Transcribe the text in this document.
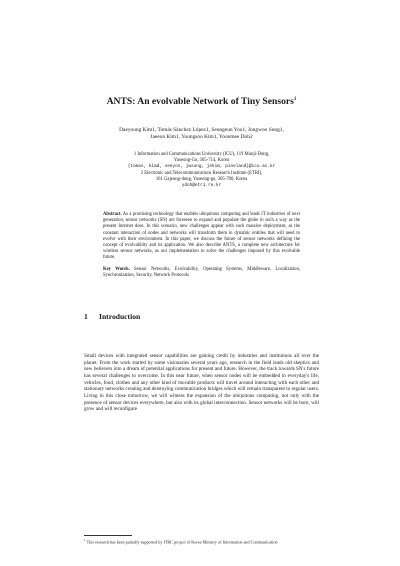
ANTS: An evolvable Network of Tiny Sensors$^1$
Daeyoung Kim1, Tomás Sánchez López1, Seongeun Yoo1, Jongwoo Sung1,
Jaeeon Kim1, Youngsoo Kim1, Yoonmee Doh2
1 Information and Communications University (ICU), 119 Munji-Dong,
Yuseong-Gu, 305-714, Korea
{tomas, kimd, seeyoo, jwsung, jekim, pineland}@icu.ac.kr
2 Electronic and Telecommunications Research Institute (ETRI),
161 Gajeong-dong, Yuseong-gu, 305-700, Korea
ydoh@etri.re.kr
Abstract. As a promising technology that enables ubiquitous computing and leads IT industries of next generation, sensor networks (SN) are foreseen to expand and populate the globe in such a way as the present Internet does. In this scenario, new challenges appear with such massive deployment, as the constant interaction of nodes and networks will transform them in dynamic entities that will need to evolve with their environment. In this paper, we discuss the future of sensor networks defining the concept of evolvability and its application. We also describe ANTS, a complete new architecture for wireless sensor networks, as our implementation to solve the challenges imposed by this evolvable future.
Key Words. Sensor Networks, Evolvability, Operating Systems, Middleware, Localization, Synchronization, Security, Network Protocols
1 Introduction
Small devices with integrated sensor capabilities are gaining credit by industries and institutions all over the planet. From the work started by some visionaries several years ago, research in the field leads old skeptics and new believers into a dream of potential applications for present and future. However, the track towards SN's future has several challenges to overcome. In this near future, when sensor nodes will be embedded in everyday's life, vehicles, food, clothes and any other kind of movable products will travel around interacting with each other and stationary networks creating and destroying communication bridges which will remain transparent to regular users. Living in this close tomorrow, we will witness the expansion of the ubiquitous computing, not only with the presence of sensor devices everywhere, but also with its global interconnection. Sensor networks will be born, will grow and will reconfigure
$^1$ This research has been partially supported by ITRC project of Korea Ministry of Information and Communication
